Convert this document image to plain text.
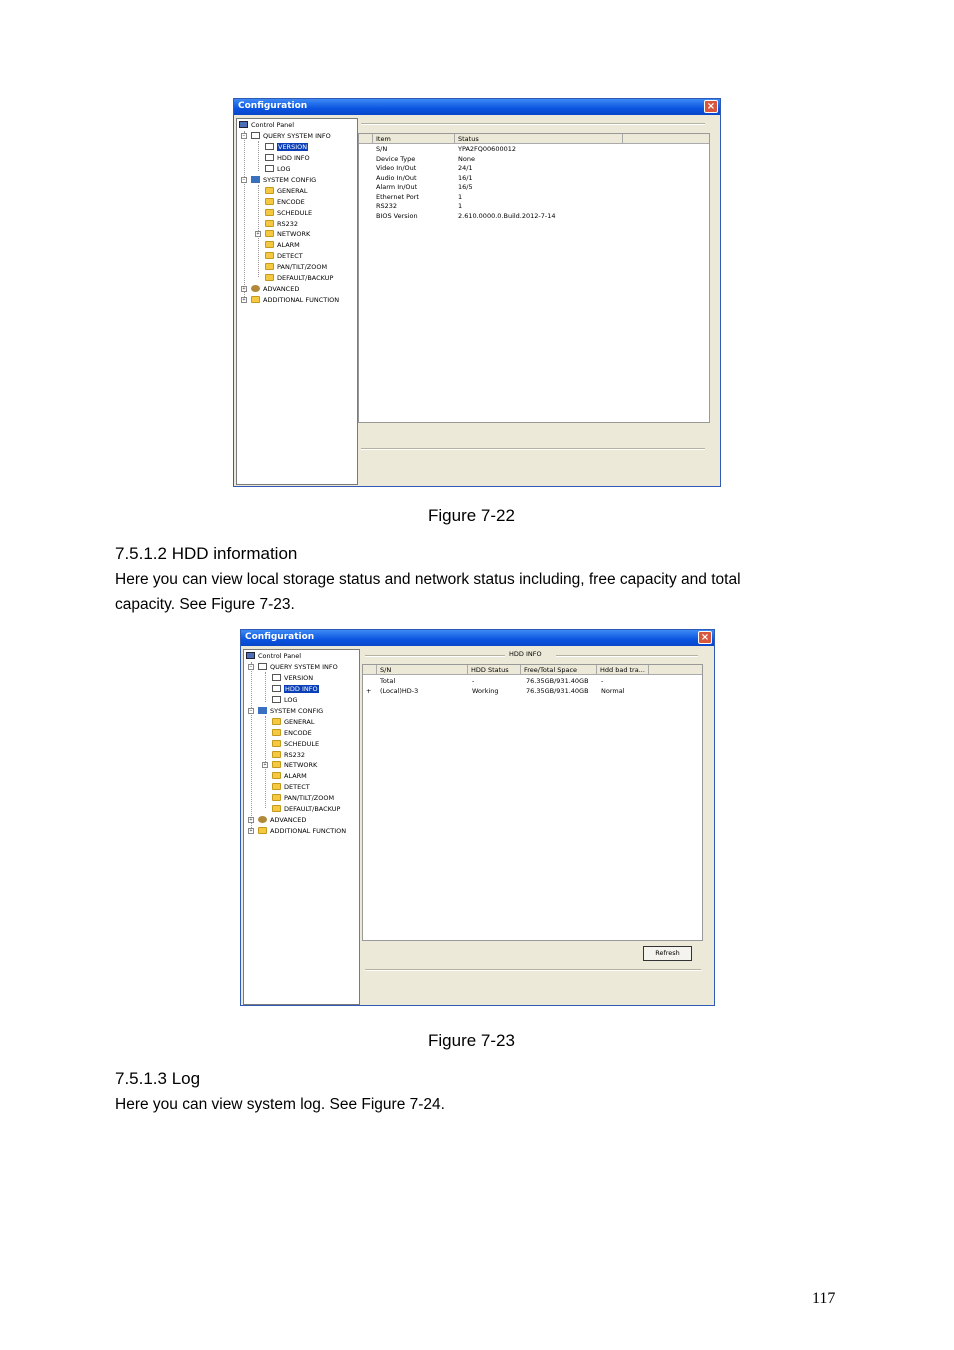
Configuration	×
Control Panel
−	QUERY SYSTEM INFO
VERSION
HDD INFO
LOG
−	SYSTEM CONFIG
GENERAL
ENCODE
SCHEDULE
RS232
+	NETWORK
ALARM
DETECT
PAN/TILT/ZOOM
DEFAULT/BACKUP
+	ADVANCED
+	ADDITIONAL FUNCTION
Item	Status
S/N	YPA2FQ00600012
Device Type	None
Video In/Out	24/1
Audio In/Out	16/1
Alarm In/Out	16/5
Ethernet Port	1
RS232	1
BIOS Version	2.610.0000.0.Build.2012-7-14
Figure 7-22
7.5.1.2 HDD information
Here you can view local storage status and network status including, free capacity and total
capacity. See Figure 7-23.
Configuration	×
Control Panel
−	QUERY SYSTEM INFO
VERSION
HDD INFO
LOG
−	SYSTEM CONFIG
GENERAL
ENCODE
SCHEDULE
RS232
+	NETWORK
ALARM
DETECT
PAN/TILT/ZOOM
DEFAULT/BACKUP
+	ADVANCED
+	ADDITIONAL FUNCTION
HDD INFO
S/N	HDD Status	Free/Total Space	Hdd bad tra...
Total	-	76.35GB/931.40GB -
+ (Local)HD-3	Working	76.35GB/931.40GB Normal
Refresh
Figure 7-23
7.5.1.3 Log
Here you can view system log. See Figure 7-24.
117
